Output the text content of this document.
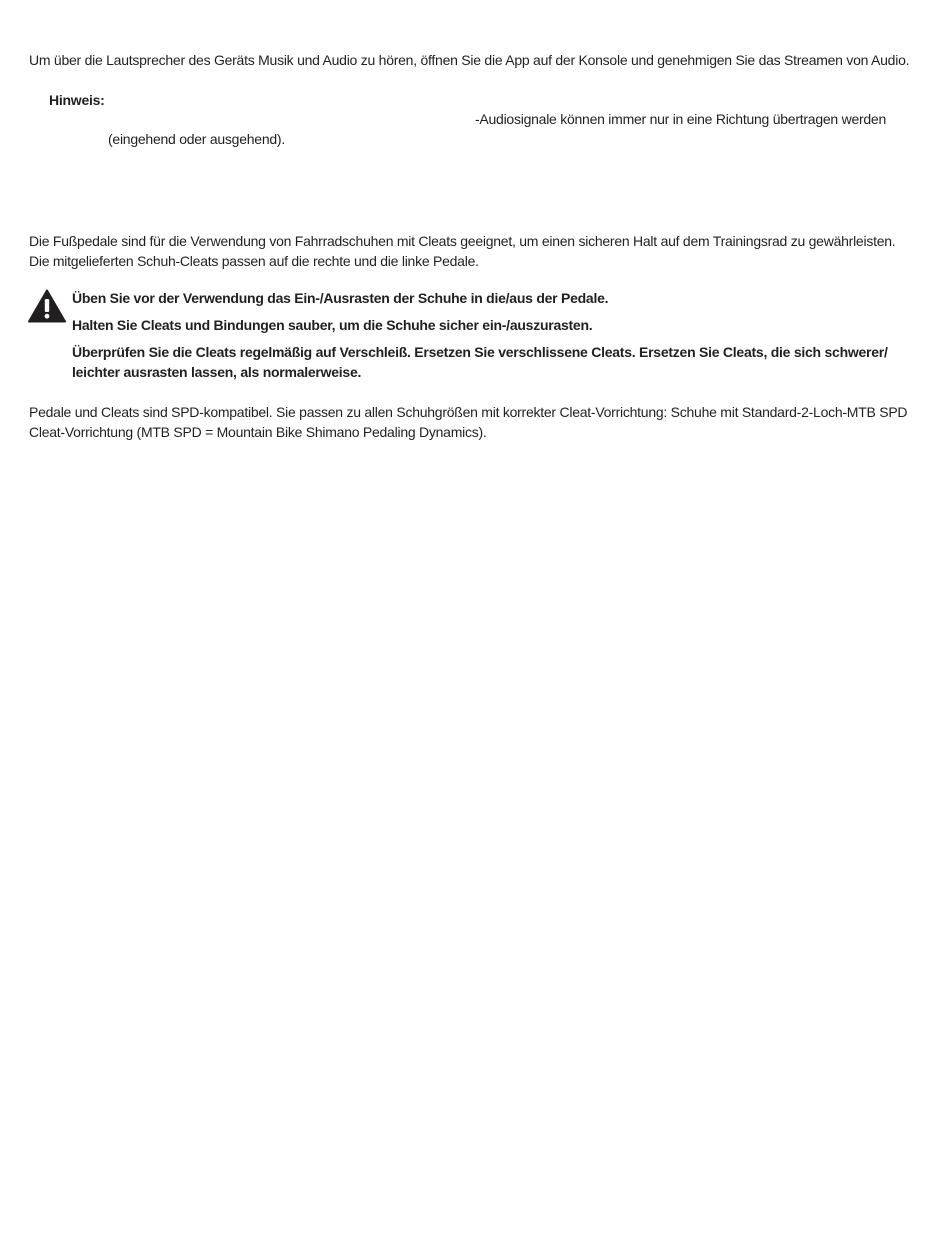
Um über die Lautsprecher des Geräts Musik und Audio zu hören, öffnen Sie die App auf der Konsole und genehmigen Sie das Streamen von Audio.

Hinweis:

-Audiosignale können immer nur in eine Richtung übertragen werden

(eingehend oder ausgehend).

Die Fußpedale sind für die Verwendung von Fahrradschuhen mit Cleats geeignet, um einen sicheren Halt auf dem Trainingsrad zu gewährleisten.

Die mitgelieferten Schuh-Cleats passen auf die rechte und die linke Pedale.

Üben Sie vor der Verwendung das Ein-/Ausrasten der Schuhe in die/aus der Pedale.

Halten Sie Cleats und Bindungen sauber, um die Schuhe sicher ein-/auszurasten.

Überprüfen Sie die Cleats regelmäßig auf Verschleiß. Ersetzen Sie verschlissene Cleats. Ersetzen Sie Cleats, die sich schwerer/

leichter ausrasten lassen, als normalerweise.

Pedale und Cleats sind SPD-kompatibel. Sie passen zu allen Schuhgrößen mit korrekter Cleat-Vorrichtung: Schuhe mit Standard-2-Loch-MTB SPD

Cleat-Vorrichtung (MTB SPD = Mountain Bike Shimano Pedaling Dynamics).
